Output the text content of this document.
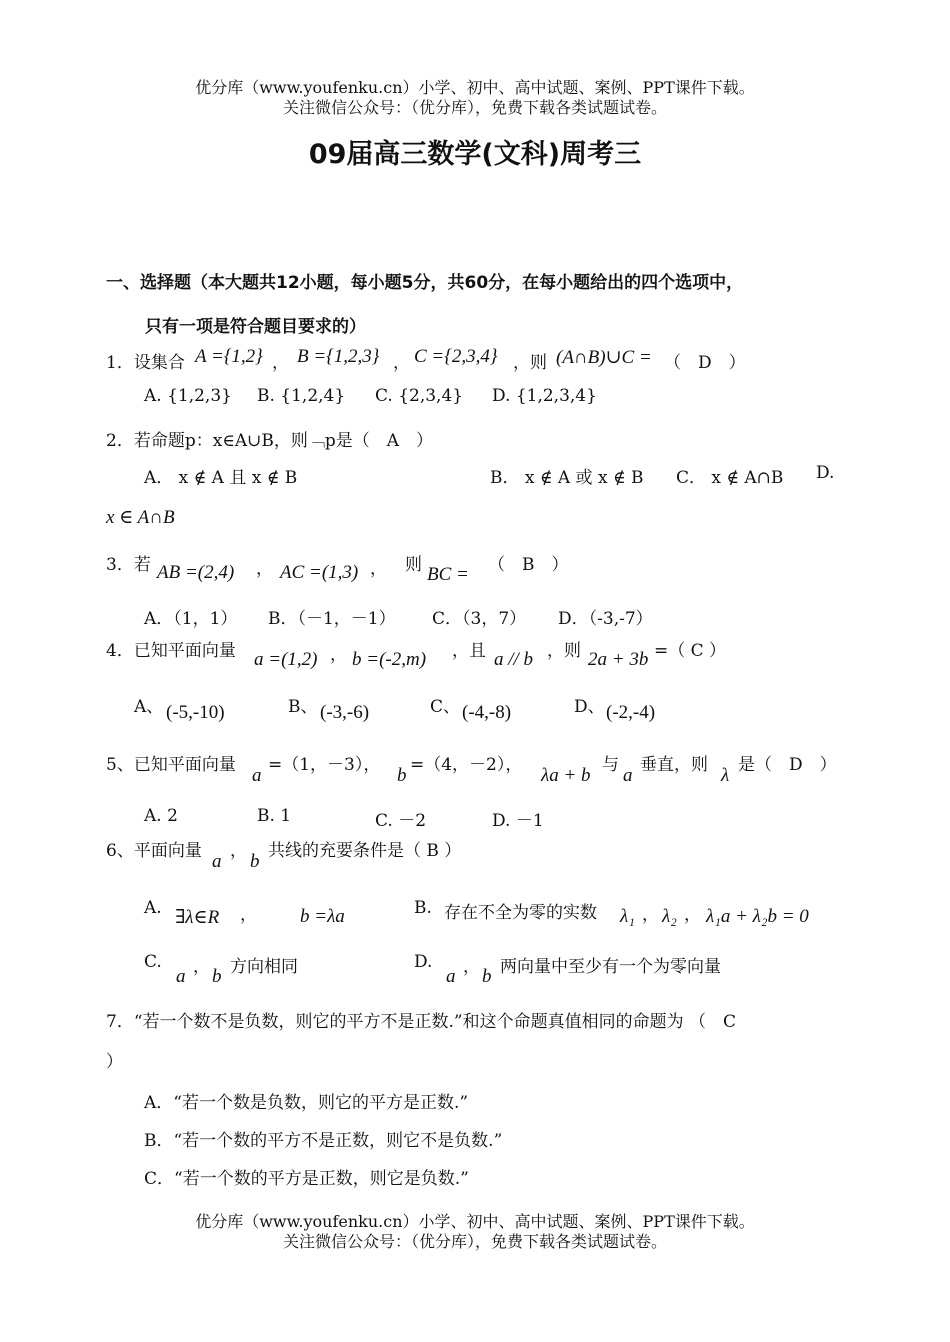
优分库（www.youfenku.cn）小学、初中、高中试题、案例、PPT课件下载。
关注微信公众号：（优分库），免费下载各类试题试卷。
09届高三数学(文科)周考三
一、选择题（本大题共12小题，每小题5分，共60分，在每小题给出的四个选项中，
只有一项是符合题目要求的）
1．设集合 A ={1,2} ， B ={1,2,3} ， C ={2,3,4} ，则 (A∩B)∪C = （　D　）
A. {1,2,3} B. {1,2,4} C. {2,3,4} D. {1,2,3,4}
2．若命题p：x∈A∪B，则﹁p是（　A　）
A． x ∉ A 且 x ∉ B	B． x ∉ A 或 x ∉ B C． x ∉ A∩B D.
x ∈ A∩B
3．若 AB =(2,4) ， AC =(1,3) ， 则 BC = （　B　）
A．（1，1） B．（－1，－1） C．（3，7） D．（-3,-7）
4．已知平面向量 a =(1,2) ， b =(-2,m) ，且 a // b ，则 2a + 3b =（ C ）
A、 (-5,-10)	B、 (-3,-6)	C、 (-4,-8)	D、 (-2,-4)
5、已知平面向量 a =（1，－3）， b =（4，－2）， λa + b 与 a 垂直，则 λ 是（　D　）
A. 2	B. 1	C. －2	D. －1
6、平面向量 a ， b 共线的充要条件是（ B ）
A. ∃λ∈R ， b =λa	B. 存在不全为零的实数 λ₁ ， λ₂ ， λ₁a + λ₂b = 0
C.
a ， b 方向相同	D.
a ， b 两向量中至少有一个为零向量
7．“若一个数不是负数，则它的平方不是正数.”和这个命题真值相同的命题为 （　C
）
A．“若一个数是负数，则它的平方是正数.”
B．“若一个数的平方不是正数，则它不是负数.”
C．“若一个数的平方是正数，则它是负数.”
优分库（www.youfenku.cn）小学、初中、高中试题、案例、PPT课件下载。
关注微信公众号：（优分库），免费下载各类试题试卷。
